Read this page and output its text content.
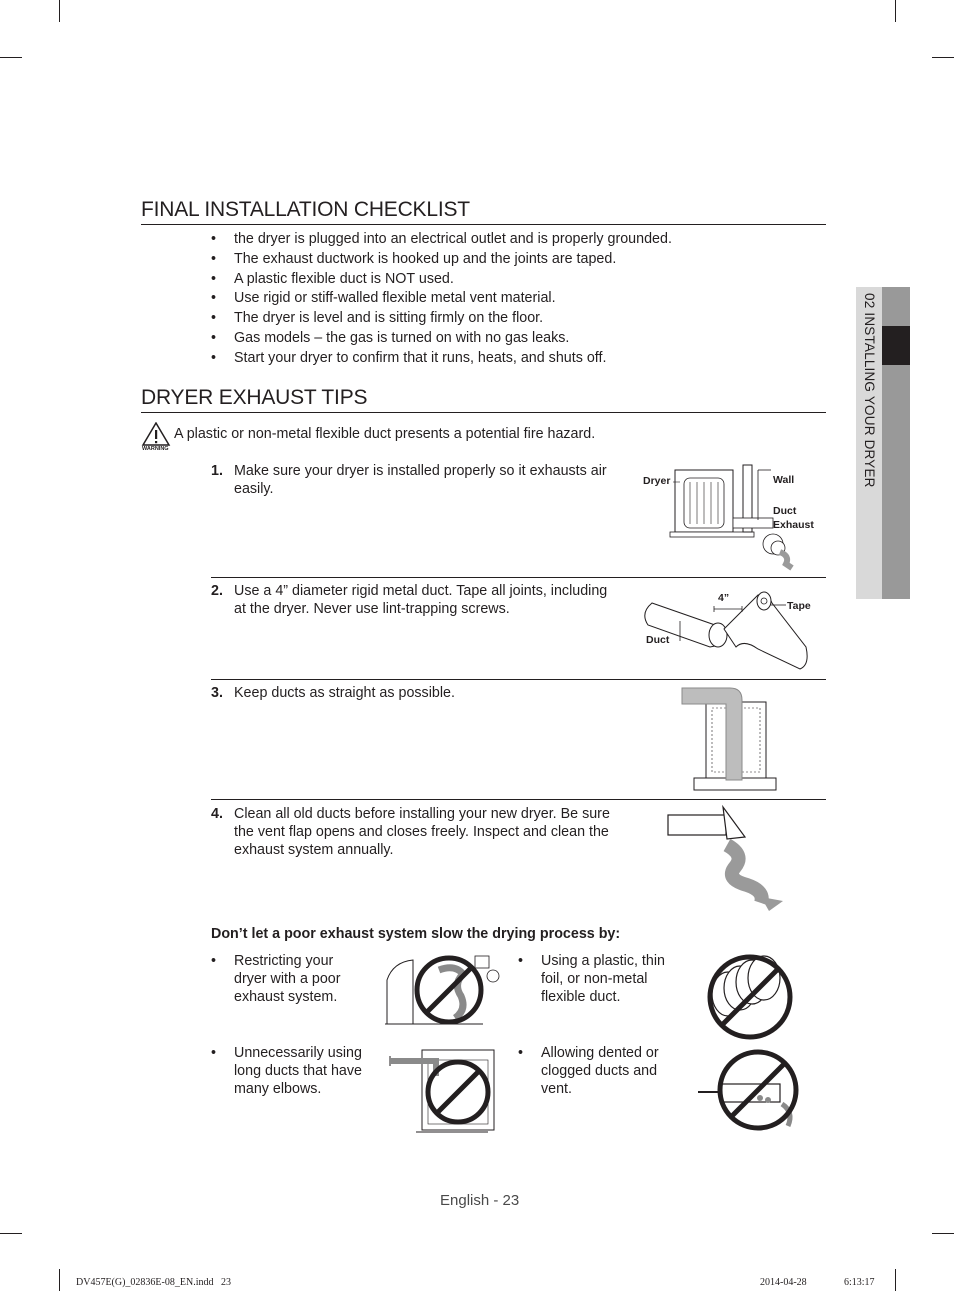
02 INSTALLING YOUR DRYER
FINAL INSTALLATION CHECKLIST
• the dryer is plugged into an electrical outlet and is properly grounded.
• The exhaust ductwork is hooked up and the joints are taped.
• A plastic flexible duct is NOT used.
• Use rigid or stiff-walled flexible metal vent material.
• The dryer is level and is sitting firmly on the floor.
• Gas models – the gas is turned on with no gas leaks.
• Start your dryer to confirm that it runs, heats, and shuts off.
DRYER EXHAUST TIPS
WARNING
A plastic or non-metal flexible duct presents a potential fire hazard.
1. Make sure your dryer is installed properly so it exhausts air easily.	Dryer	Wall
Duct
Exhaust
2. Use a 4” diameter rigid metal duct. Tape all joints, including at the dryer. Never use lint-trapping screws.
4”
Tape
Duct
3. Keep ducts as straight as possible.
4. Clean all old ducts before installing your new dryer. Be sure the vent flap opens and closes freely. Inspect and clean the exhaust system annually.
Don’t let a poor exhaust system slow the drying process by:
• Restricting your dryer with a poor exhaust system.
• Using a plastic, thin foil, or non-metal flexible duct.
• Unnecessarily using long ducts that have many elbows.
• Allowing dented or clogged ducts and vent.
English - 23
DV457E(G)_02836E-08_EN.indd   23	2014-04-28	6:13:17
